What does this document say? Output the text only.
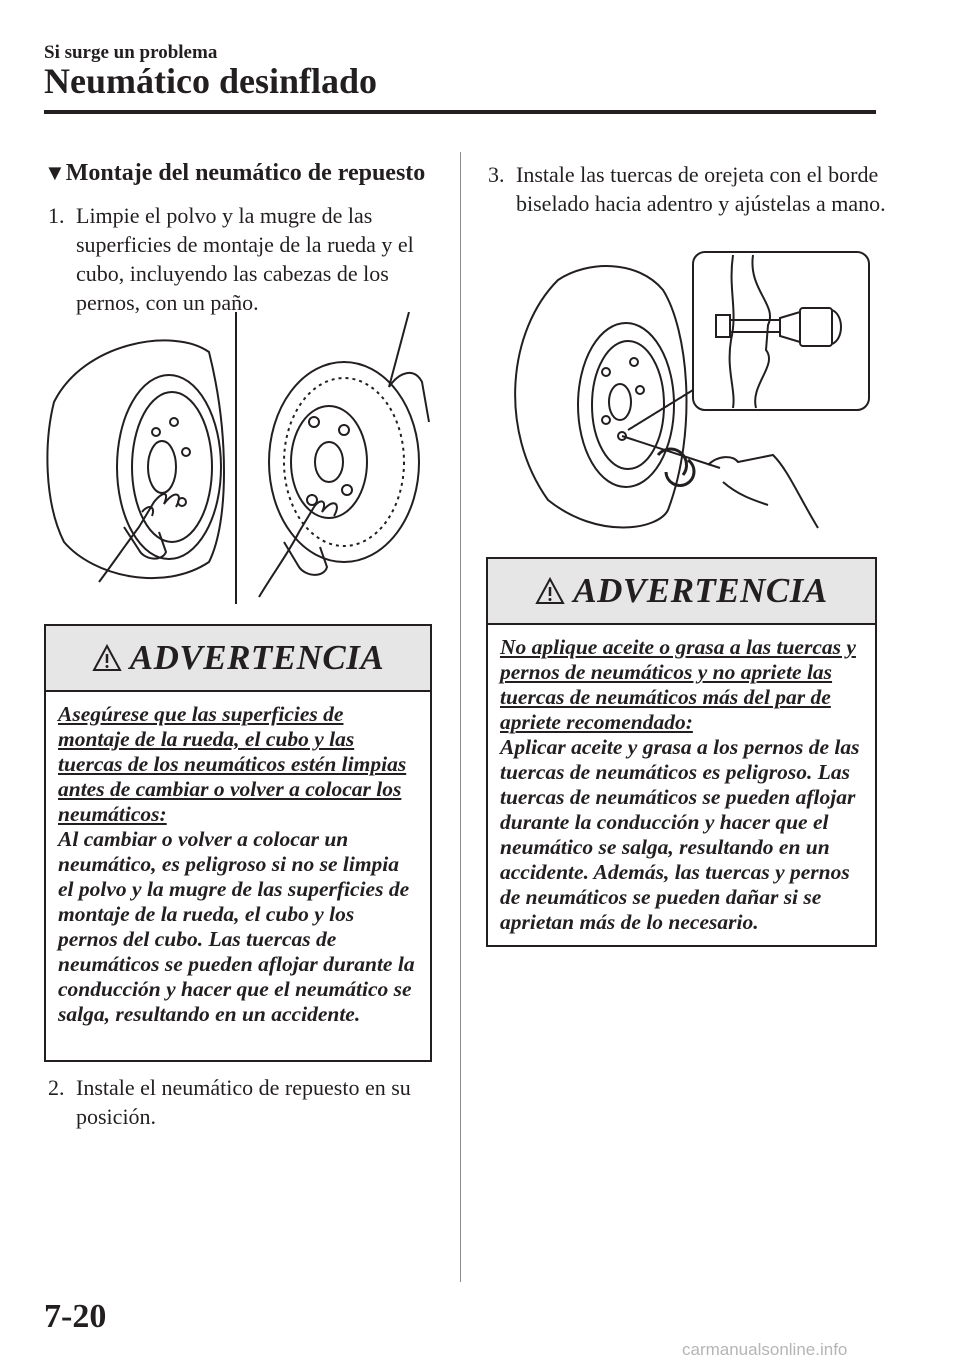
Si surge un problema
Neumático desinflado
▼Montaje del neumático de repuesto
1. Limpie el polvo y la mugre de las superficies de montaje de la rueda y el cubo, incluyendo las cabezas de los pernos, con un paño.
ADVERTENCIA
Asegúrese que las superficies de montaje de la rueda, el cubo y las tuercas de los neumáticos estén limpias antes de cambiar o volver a colocar los neumáticos:
Al cambiar o volver a colocar un neumático, es peligroso si no se limpia el polvo y la mugre de las superficies de montaje de la rueda, el cubo y los pernos del cubo. Las tuercas de neumáticos se pueden aflojar durante la conducción y hacer que el neumático se salga, resultando en un accidente.
2. Instale el neumático de repuesto en su posición.
3. Instale las tuercas de orejeta con el borde biselado hacia adentro y ajústelas a mano.
ADVERTENCIA
No aplique aceite o grasa a las tuercas y pernos de neumáticos y no apriete las tuercas de neumáticos más del par de apriete recomendado:
Aplicar aceite y grasa a los pernos de las tuercas de neumáticos es peligroso. Las tuercas de neumáticos se pueden aflojar durante la conducción y hacer que el neumático se salga, resultando en un accidente. Además, las tuercas y pernos de neumáticos se pueden dañar si se aprietan más de lo necesario.
7-20
carmanualsonline.info
